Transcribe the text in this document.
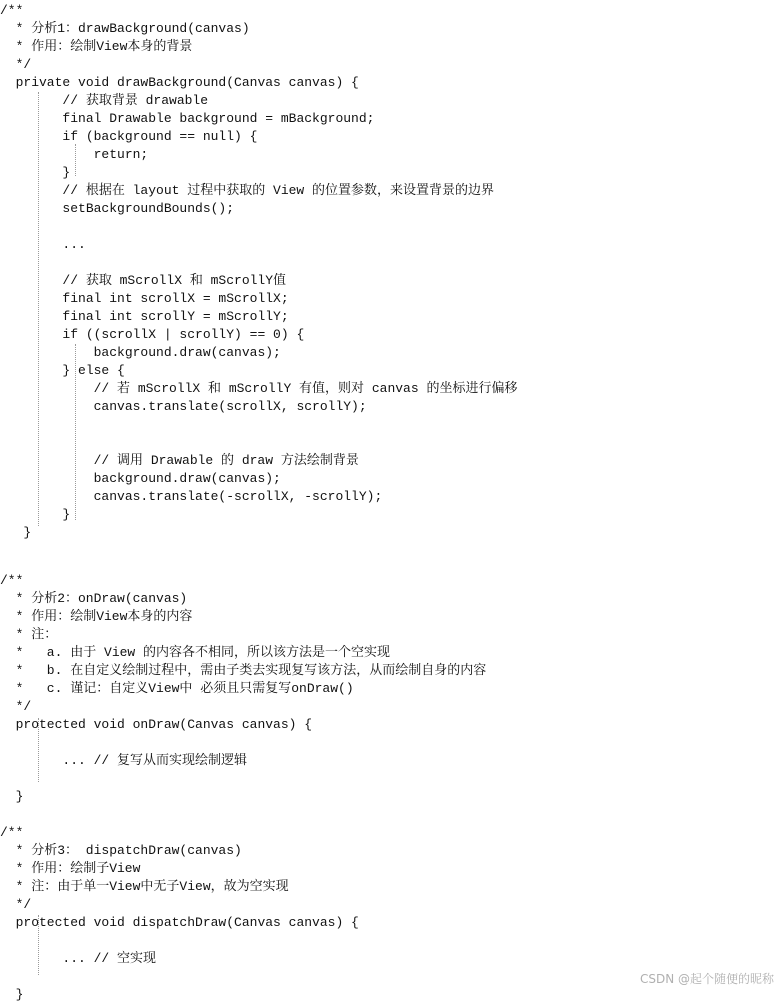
CSDN @起个随便的昵称
/**
* 分析1：drawBackground(canvas)
* 作用：绘制View本身的背景
*/
private void drawBackground(Canvas canvas) {
// 获取背景 drawable
final Drawable background = mBackground;
if (background == null) {
return;
}
// 根据在 layout 过程中获取的 View 的位置参数，来设置背景的边界
setBackgroundBounds();
...
// 获取 mScrollX 和 mScrollY值
final int scrollX = mScrollX;
final int scrollY = mScrollY;
if ((scrollX | scrollY) == 0) {
background.draw(canvas);
} else {
// 若 mScrollX 和 mScrollY 有值，则对 canvas 的坐标进行偏移
canvas.translate(scrollX, scrollY);
// 调用 Drawable 的 draw 方法绘制背景
background.draw(canvas);
canvas.translate(-scrollX, -scrollY);
}
}
/**
* 分析2：onDraw(canvas)
* 作用：绘制View本身的内容
* 注：
*   a. 由于 View 的内容各不相同，所以该方法是一个空实现
*   b. 在自定义绘制过程中，需由子类去实现复写该方法，从而绘制自身的内容
*   c. 谨记：自定义View中 必须且只需复写onDraw()
*/
protected void onDraw(Canvas canvas) {
... // 复写从而实现绘制逻辑
}
/**
* 分析3： dispatchDraw(canvas)
* 作用：绘制子View
* 注：由于单一View中无子View，故为空实现
*/
protected void dispatchDraw(Canvas canvas) {
... // 空实现
}
